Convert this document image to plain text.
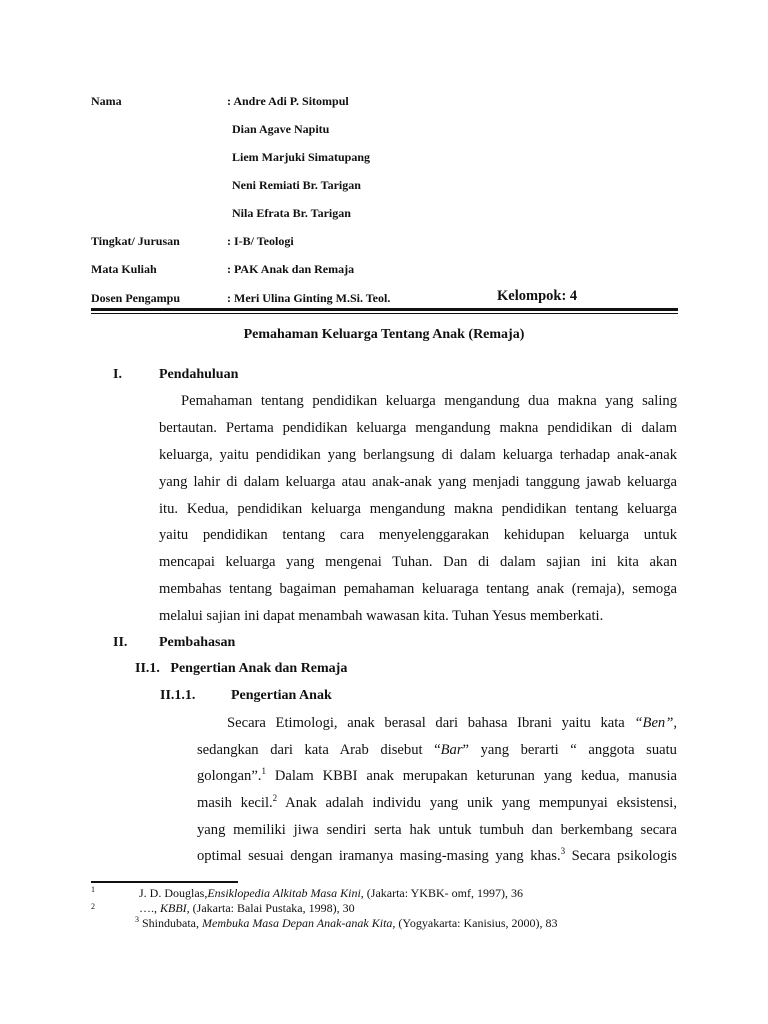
Nama	: Andre Adi P. Sitompul
Dian Agave Napitu
Liem Marjuki Simatupang
Neni Remiati Br. Tarigan
Nila Efrata Br. Tarigan
Tingkat/ Jurusan	: I-B/ Teologi
Mata Kuliah	: PAK Anak dan Remaja
Dosen Pengampu	: Meri Ulina Ginting M.Si. Teol.	Kelompok: 4
Pemahaman Keluarga Tentang Anak (Remaja)
I.	Pendahuluan
Pemahaman tentang pendidikan keluarga mengandung dua makna yang saling
bertautan. Pertama pendidikan keluarga mengandung makna pendidikan di dalam
keluarga, yaitu pendidikan yang berlangsung di dalam keluarga terhadap anak-anak
yang lahir di dalam keluarga atau anak-anak yang menjadi tanggung jawab keluarga
itu. Kedua, pendidikan keluarga mengandung makna pendidikan tentang keluarga
yaitu pendidikan tentang cara menyelenggarakan kehidupan keluarga untuk
mencapai keluarga yang mengenai Tuhan. Dan di dalam sajian ini kita akan
membahas tentang bagaiman pemahaman keluaraga tentang anak (remaja), semoga
melalui sajian ini dapat menambah wawasan kita. Tuhan Yesus memberkati.
II. Pembahasan
II.1.   Pengertian Anak dan Remaja
II.1.1.	Pengertian Anak
Secara Etimologi, anak berasal dari bahasa Ibrani yaitu kata “Ben”,
sedangkan dari kata Arab disebut “Bar” yang berarti “ anggota suatu
golongan”.$^1$ Dalam KBBI anak merupakan keturunan yang kedua, manusia
masih kecil.$^2$ Anak adalah individu yang unik yang mempunyai eksistensi,
yang memiliki jiwa sendiri serta hak untuk tumbuh dan berkembang secara
optimal sesuai dengan iramanya masing-masing yang khas.$^3$ Secara psikologis
1	J. D. Douglas,Ensiklopedia Alkitab Masa Kini, (Jakarta: YKBK- omf, 1997), 36
2	…., KBBI, (Jakarta: Balai Pustaka, 1998), 30
$^3$ Shindubata, Membuka Masa Depan Anak-anak Kita, (Yogyakarta: Kanisius, 2000), 83
